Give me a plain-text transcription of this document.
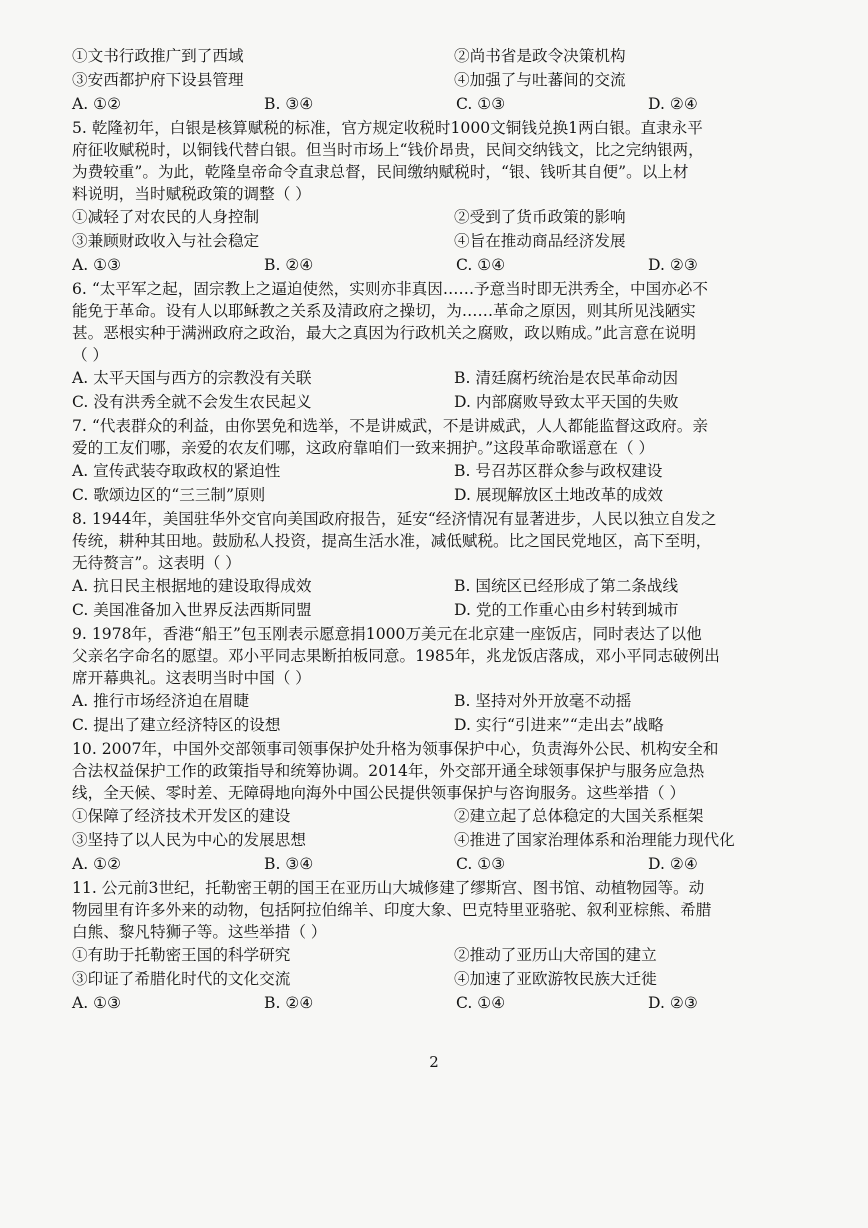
①文书行政推广到了西域	②尚书省是政令决策机构
③安西都护府下设县管理	④加强了与吐蕃间的交流
A. ①②	B. ③④	C. ①③	D. ②④
5. 乾隆初年，白银是核算赋税的标准，官方规定收税时1000文铜钱兑换1两白银。直隶永平
府征收赋税时，以铜钱代替白银。但当时市场上“钱价昂贵，民间交纳钱文，比之完纳银两，
为费较重”。为此，乾隆皇帝命令直隶总督，民间缴纳赋税时，“银、钱听其自便”。以上材
料说明，当时赋税政策的调整（ ）
①减轻了对农民的人身控制	②受到了货币政策的影响
③兼顾财政收入与社会稳定	④旨在推动商品经济发展
A. ①③	B. ②④	C. ①④	D. ②③
6. “太平军之起，固宗教上之逼迫使然，实则亦非真因……予意当时即无洪秀全，中国亦必不
能免于革命。设有人以耶稣教之关系及清政府之操切，为……革命之原因，则其所见浅陋实
甚。恶根实种于满洲政府之政治，最大之真因为行政机关之腐败，政以贿成。”此言意在说明
（ ）
A. 太平天国与西方的宗教没有关联	B. 清廷腐朽统治是农民革命动因
C. 没有洪秀全就不会发生农民起义	D. 内部腐败导致太平天国的失败
7. “代表群众的利益，由你罢免和选举，不是讲威武，不是讲威武，人人都能监督这政府。亲
爱的工友们哪，亲爱的农友们哪，这政府靠咱们一致来拥护。”这段革命歌谣意在（ ）
A. 宣传武装夺取政权的紧迫性	B. 号召苏区群众参与政权建设
C. 歌颂边区的“三三制”原则	D. 展现解放区土地改革的成效
8. 1944年，美国驻华外交官向美国政府报告，延安“经济情况有显著进步，人民以独立自发之
传统，耕种其田地。鼓励私人投资，提高生活水准，减低赋税。比之国民党地区，高下至明，
无待赘言”。这表明（ ）
A. 抗日民主根据地的建设取得成效	B. 国统区已经形成了第二条战线
C. 美国准备加入世界反法西斯同盟	D. 党的工作重心由乡村转到城市
9. 1978年，香港“船王”包玉刚表示愿意捐1000万美元在北京建一座饭店，同时表达了以他
父亲名字命名的愿望。邓小平同志果断拍板同意。1985年，兆龙饭店落成，邓小平同志破例出
席开幕典礼。这表明当时中国（ ）
A. 推行市场经济迫在眉睫	B. 坚持对外开放毫不动摇
C. 提出了建立经济特区的设想	D. 实行“引进来”“走出去”战略
10. 2007年，中国外交部领事司领事保护处升格为领事保护中心，负责海外公民、机构安全和
合法权益保护工作的政策指导和统筹协调。2014年，外交部开通全球领事保护与服务应急热
线，全天候、零时差、无障碍地向海外中国公民提供领事保护与咨询服务。这些举措（ ）
①保障了经济技术开发区的建设	②建立起了总体稳定的大国关系框架
③坚持了以人民为中心的发展思想	④推进了国家治理体系和治理能力现代化
A. ①②	B. ③④	C. ①③	D. ②④
11. 公元前3世纪，托勒密王朝的国王在亚历山大城修建了缪斯宫、图书馆、动植物园等。动
物园里有许多外来的动物，包括阿拉伯绵羊、印度大象、巴克特里亚骆驼、叙利亚棕熊、希腊
白熊、黎凡特狮子等。这些举措（ ）
①有助于托勒密王国的科学研究	②推动了亚历山大帝国的建立
③印证了希腊化时代的文化交流	④加速了亚欧游牧民族大迁徙
A. ①③	B. ②④	C. ①④	D. ②③
2
